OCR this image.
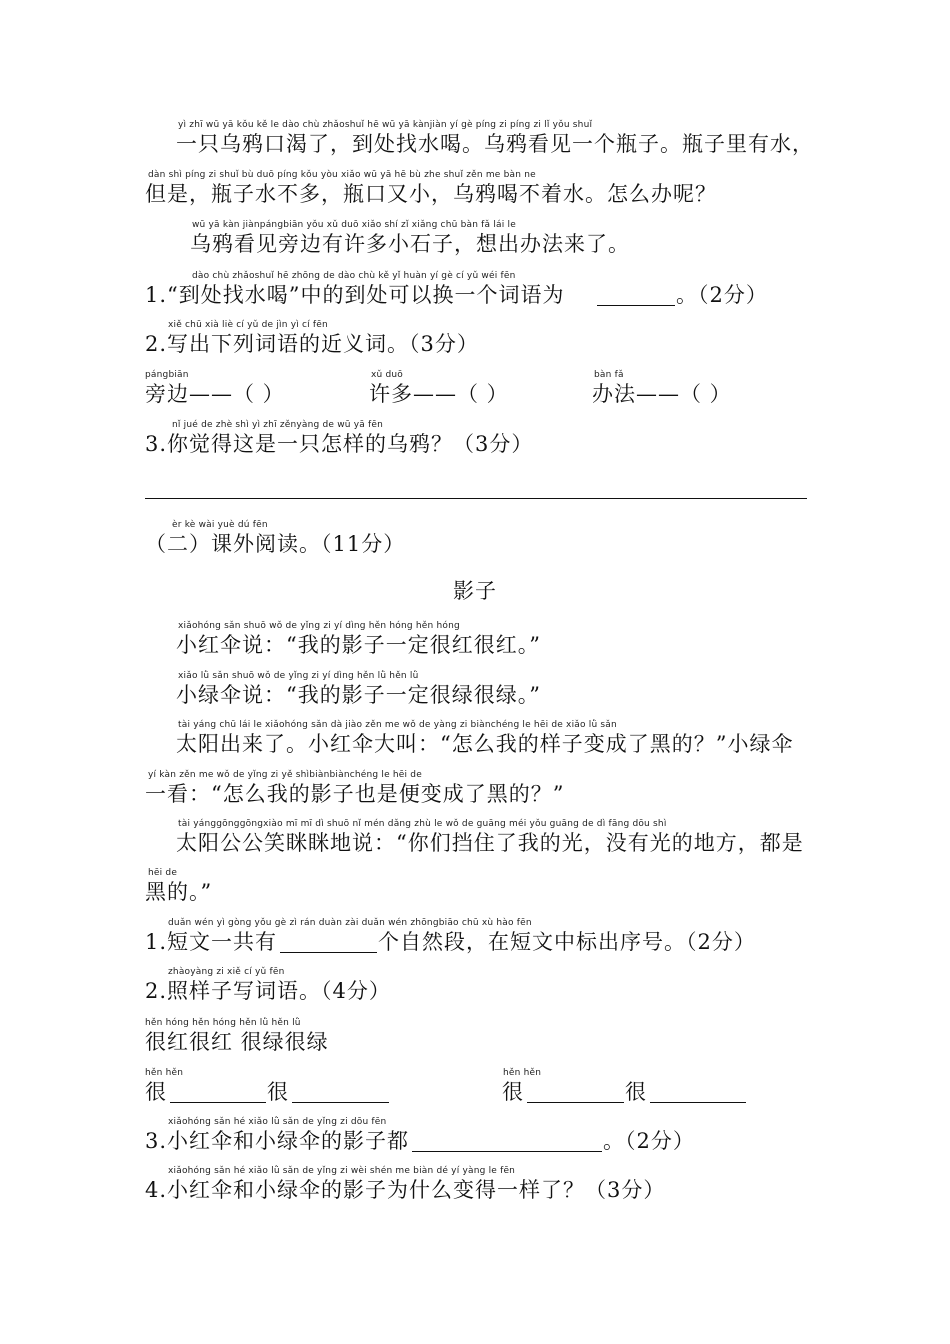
yì zhī wū yā kǒu kě le dào chù zhǎoshuǐ hē wū yā kànjiàn yí gè píng zi píng zi lǐ yǒu shuǐ
一只乌鸦口渴了，到处找水喝。乌鸦看见一个瓶子。瓶子里有水，
dàn shì píng zi shuǐ bù duō píng kǒu yòu xiǎo wū yā hē bù zhe shuǐ zěn me bàn ne
但是，瓶子水不多，瓶口又小，乌鸦喝不着水。怎么办呢？
wū yā kàn jiànpángbiān yǒu xǔ duō xiǎo shí zǐ xiǎng chū bàn fǎ lái le
乌鸦看见旁边有许多小石子，想出办法来了。
dào chù zhǎoshuǐ hē zhōng de dào chù kě yǐ huàn yí gè cí yǔ wéi fēn
1.“到处找水喝”中的到处可以换一个词语为	。（2分）
xiě chū xià liè cí yǔ de jìn yì cí fēn
2.写出下列词语的近义词。（3分）
pángbiān
旁边——（ ）
xǔ duō
许多——（ ）
bàn fǎ
办法——（ ）
nǐ jué de zhè shì yì zhī zěnyàng de wū yā fēn
3.你觉得这是一只怎样的乌鸦？（3分）
èr kè wài yuè dú fēn
（二）课外阅读。（11分）
影子
xiǎohóng sǎn shuō wǒ de yǐng zi yí dìng hěn hóng hěn hóng
小红伞说：“我的影子一定很红很红。”
xiǎo lǜ sǎn shuō wǒ de yǐng zi yí dìng hěn lǜ hěn lǜ
小绿伞说：“我的影子一定很绿很绿。”
tài yáng chū lái le xiǎohóng sǎn dà jiào zěn me wǒ de yàng zi biànchéng le hēi de xiǎo lǜ sǎn
太阳出来了。小红伞大叫：“怎么我的样子变成了黑的？”小绿伞
yí kàn zěn me wǒ de yǐng zi yě shìbiànbiànchéng le hēi de
一看：“怎么我的影子也是便变成了黑的？”
tài yánggōnggōngxiào mī mī dì shuō nǐ mén dǎng zhù le wǒ de guāng méi yǒu guāng de dì fāng dōu shì
太阳公公笑眯眯地说：“你们挡住了我的光，没有光的地方，都是
hēi de
黑的。”
duǎn wén yì gòng yǒu gè zì rán duàn zài duǎn wén zhōngbiāo chū xù hào fēn
1.短文一共有	个自然段，在短文中标出序号。（2分）
zhàoyàng zi xiě cí yǔ fēn
2.照样子写词语。（4分）
hěn hóng hěn hóng hěn lǜ hěn lǜ
很红很红 很绿很绿
hěn hěn
很	很
hěn hěn
很	很
xiǎohóng sǎn hé xiǎo lǜ sǎn de yǐng zi dōu fēn
3.小红伞和小绿伞的影子都	。（2分）
xiǎohóng sǎn hé xiǎo lǜ sǎn de yǐng zi wèi shén me biàn dé yí yàng le fēn
4.小红伞和小绿伞的影子为什么变得一样了？（3分）
